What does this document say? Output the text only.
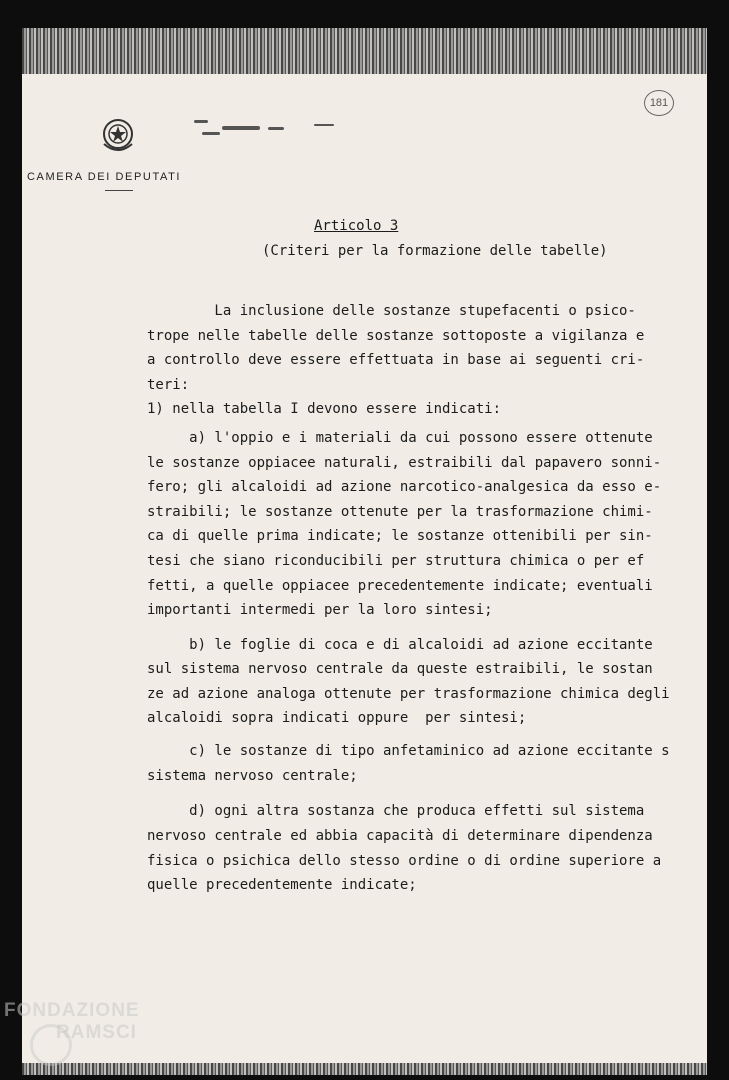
CAMERA DEI DEPUTATI
181
Articolo 3
(Criteri per la formazione delle tabelle)
La inclusione delle sostanze stupefacenti o psico-
trope nelle tabelle delle sostanze sottoposte a vigilanza e
a controllo deve essere effettuata in base ai seguenti cri-
teri:
1) nella tabella I devono essere indicati:
a) l'oppio e i materiali da cui possono essere ottenute
le sostanze oppiacee naturali, estraibili dal papavero sonni-
fero; gli alcaloidi ad azione narcotico-analgesica da esso e-
straibili; le sostanze ottenute per la trasformazione chimi-
ca di quelle prima indicate; le sostanze ottenibili per sin-
tesi che siano riconducibili per struttura chimica o per ef
fetti, a quelle oppiacee precedentemente indicate; eventuali
importanti intermedi per la loro sintesi;
b) le foglie di coca e di alcaloidi ad azione eccitante
sul sistema nervoso centrale da queste estraibili, le sostan
ze ad azione analoga ottenute per trasformazione chimica degli
alcaloidi sopra indicati oppure  per sintesi;
c) le sostanze di tipo anfetaminico ad azione eccitante s
sistema nervoso centrale;
d) ogni altra sostanza che produca effetti sul sistema
nervoso centrale ed abbia capacità di determinare dipendenza
fisica o psichica dello stesso ordine o di ordine superiore a
quelle precedentemente indicate;
FONDAZIONE
RAMSCI
